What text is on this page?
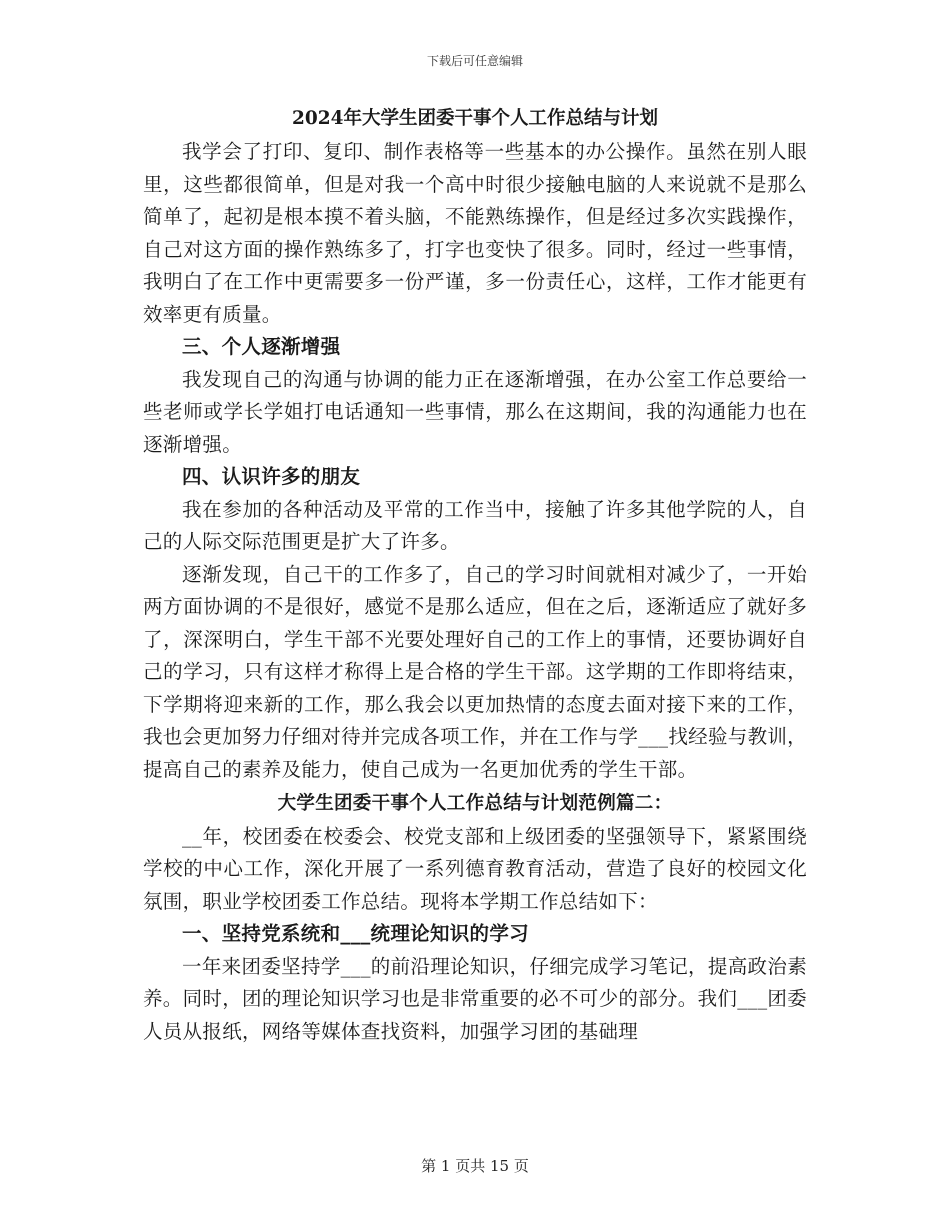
下载后可任意编辑
2024年大学生团委干事个人工作总结与计划

我学会了打印、复印、制作表格等一些基本的办公操作。虽然在别人眼里，这些都很简单，但是对我一个高中时很少接触电脑的人来说就不是那么简单了，起初是根本摸不着头脑，不能熟练操作，但是经过多次实践操作，自己对这方面的操作熟练多了，打字也变快了很多。同时，经过一些事情，我明白了在工作中更需要多一份严谨，多一份责任心，这样，工作才能更有效率更有质量。

三、个人逐渐增强

我发现自己的沟通与协调的能力正在逐渐增强，在办公室工作总要给一些老师或学长学姐打电话通知一些事情，那么在这期间，我的沟通能力也在逐渐增强。

四、认识许多的朋友

我在参加的各种活动及平常的工作当中，接触了许多其他学院的人，自己的人际交际范围更是扩大了许多。

逐渐发现，自己干的工作多了，自己的学习时间就相对减少了，一开始两方面协调的不是很好，感觉不是那么适应，但在之后，逐渐适应了就好多了，深深明白，学生干部不光要处理好自己的工作上的事情，还要协调好自己的学习，只有这样才称得上是合格的学生干部。这学期的工作即将结束，下学期将迎来新的工作，那么我会以更加热情的态度去面对接下来的工作，我也会更加努力仔细对待并完成各项工作，并在工作与学___找经验与教训，提高自己的素养及能力，使自己成为一名更加优秀的学生干部。

大学生团委干事个人工作总结与计划范例篇二：

__年，校团委在校委会、校党支部和上级团委的坚强领导下，紧紧围绕学校的中心工作，深化开展了一系列德育教育活动，营造了良好的校园文化氛围，职业学校团委工作总结。现将本学期工作总结如下：

一、坚持党系统和___统理论知识的学习

一年来团委坚持学___的前沿理论知识，仔细完成学习笔记，提高政治素养。同时，团的理论知识学习也是非常重要的必不可少的部分。我们___团委人员从报纸，网络等媒体查找资料，加强学习团的基础理

第 1 页共 15 页
